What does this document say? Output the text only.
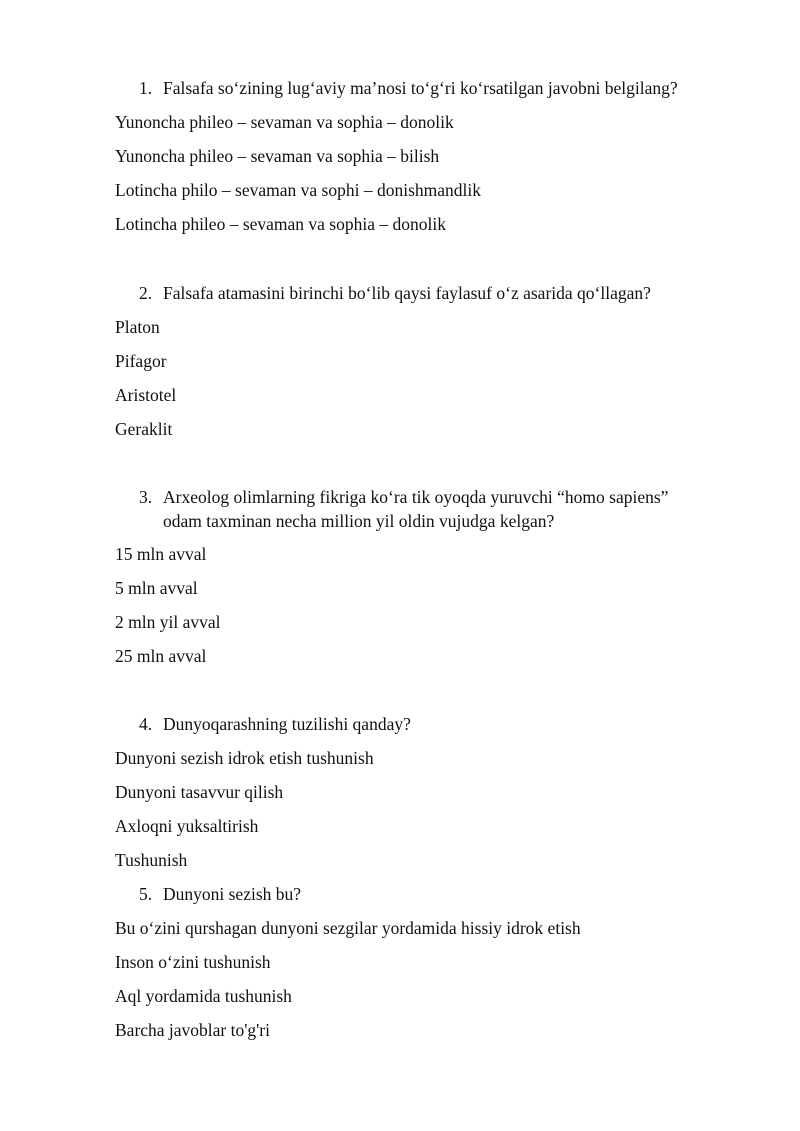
1. Falsafa so‘zining lug‘aviy ma’nosi to‘g‘ri ko‘rsatilgan javobni belgilang?
Yunoncha phileo – sevaman va sophia – donolik
Yunoncha phileo – sevaman va sophia – bilish
Lotincha philo – sevaman va sophi – donishmandlik
Lotincha phileo – sevaman va sophia – donolik
2. Falsafa atamasini birinchi bo‘lib qaysi faylasuf o‘z asarida qo‘llagan?
Platon
Pifagor
Aristotel
Geraklit
3. Arxeolog olimlarning fikriga ko‘ra tik oyoqda yuruvchi “homo sapiens”
odam taxminan necha million yil oldin vujudga kelgan?
15 mln avval
5 mln avval
2 mln yil avval
25 mln avval
4. Dunyoqarashning tuzilishi qanday?
Dunyoni sezish idrok etish tushunish
Dunyoni tasavvur qilish
Axloqni yuksaltirish
Tushunish
5. Dunyoni sezish bu?
Bu o‘zini qurshagan dunyoni sezgilar yordamida hissiy idrok etish
Inson o‘zini tushunish
Aql yordamida tushunish
Barcha javoblar to'g'ri
